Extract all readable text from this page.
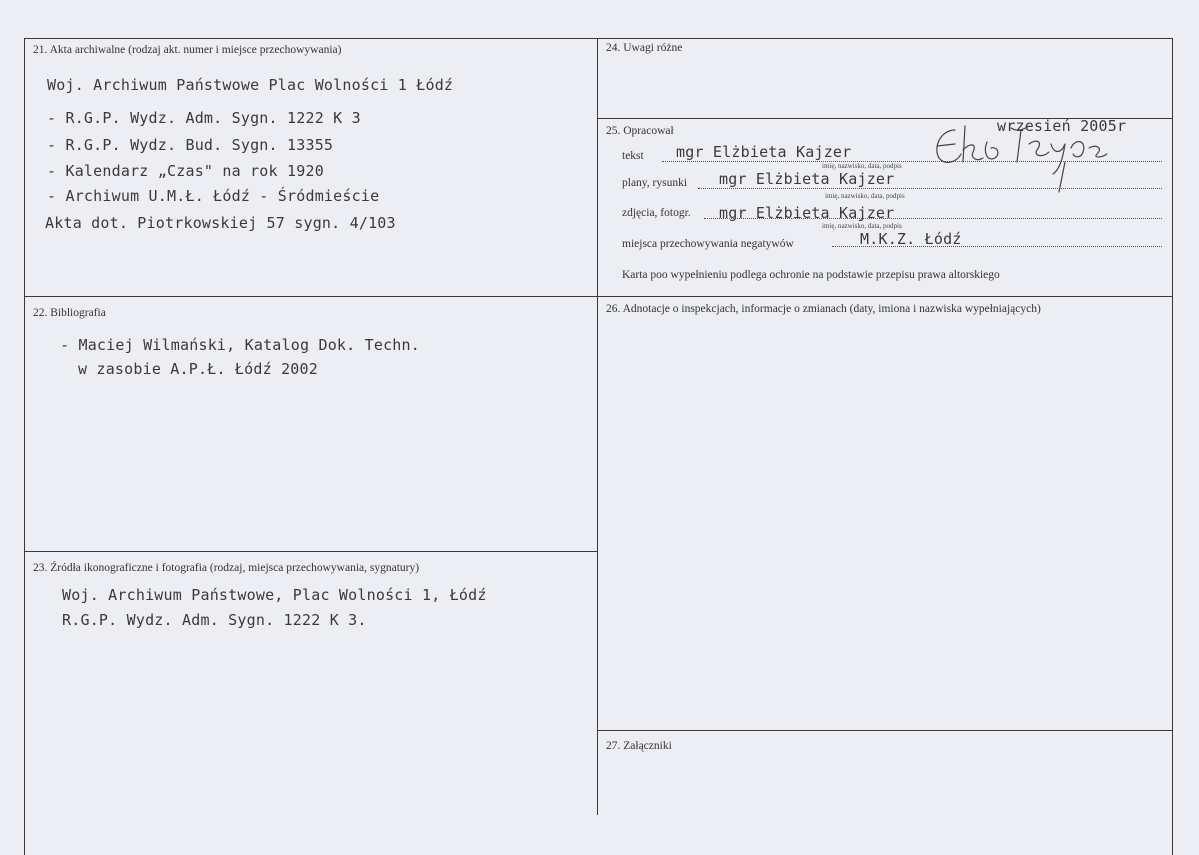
21. Akta archiwalne (rodzaj akt. numer i miejsce przechowywania)
Woj. Archiwum Państwowe Plac Wolności 1 Łódź
- R.G.P. Wydz. Adm. Sygn. 1222 K 3
- R.G.P. Wydz. Bud. Sygn. 13355
- Kalendarz „Czas" na rok 1920
- Archiwum U.M.Ł. Łódź - Śródmieście
Akta dot. Piotrkowskiej 57 sygn. 4/103
22. Bibliografia
- Maciej Wilmański, Katalog Dok. Techn.
w zasobie A.P.Ł. Łódź 2002
23. Źródła ikonograficzne i fotografia (rodzaj, miejsca przechowywania, sygnatury)
Woj. Archiwum Państwowe, Plac Wolności 1, Łódź
R.G.P. Wydz. Adm. Sygn. 1222 K 3.
24. Uwagi różne
25. Opracował	wrzesień 2005r
tekst mgr Elżbieta Kajzer
imię, nazwisko, data, podpis
plany, rysunki mgr Elżbieta Kajzer
imię, nazwisko, data, podpis
zdjęcia, fotogr. mgr Elżbieta Kajzer
imię, nazwisko, data, podpis
miejsca przechowywania negatywów	M.K.Z. Łódź
Karta poo wypełnieniu podlega ochronie na podstawie przepisu prawa altorskiego
26. Adnotacje o inspekcjach, informacje o zmianach (daty, imiona i nazwiska wypełniających)
27. Załączniki
